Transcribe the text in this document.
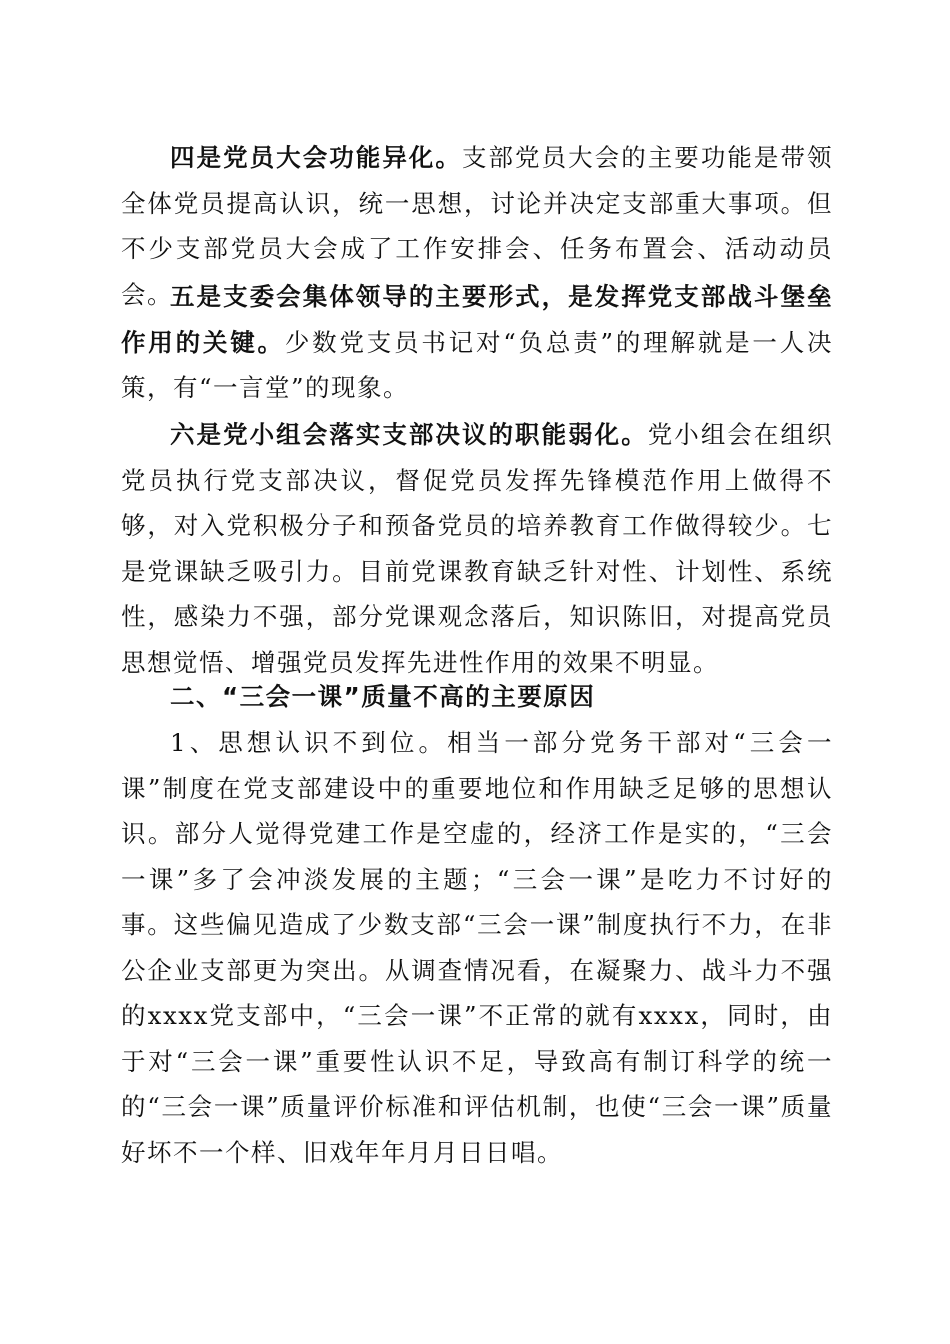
四是党员大会功能异化。支部党员大会的主要功能是带领全体党员提高认识，统一思想，讨论并决定支部重大事项。但不少支部党员大会成了工作安排会、任务布置会、活动动员会。

五是支委会集体领导的主要形式，是发挥党支部战斗堡垒作用的关键。少数党支员书记对“负总责”的理解就是一人决策，有“一言堂”的现象。

六是党小组会落实支部决议的职能弱化。党小组会在组织党员执行党支部决议，督促党员发挥先锋模范作用上做得不够，对入党积极分子和预备党员的培养教育工作做得较少。七是党课缺乏吸引力。目前党课教育缺乏针对性、计划性、系统性，感染力不强，部分党课观念落后，知识陈旧，对提高党员思想觉悟、增强党员发挥先进性作用的效果不明显。

二、“三会一课”质量不高的主要原因

1、思想认识不到位。相当一部分党务干部对“三会一课”制度在党支部建设中的重要地位和作用缺乏足够的思想认识。部分人觉得党建工作是空虚的，经济工作是实的，“三会一课”多了会冲淡发展的主题；“三会一课”是吃力不讨好的事。这些偏见造成了少数支部“三会一课”制度执行不力，在非公企业支部更为突出。从调查情况看，在凝聚力、战斗力不强的xxxx党支部中，“三会一课”不正常的就有xxxx，同时，由于对“三会一课”重要性认识不足，导致高有制订科学的统一的“三会一课”质量评价标准和评估机制，也使“三会一课”质量好坏不一个样、旧戏年年月月日日唱。
